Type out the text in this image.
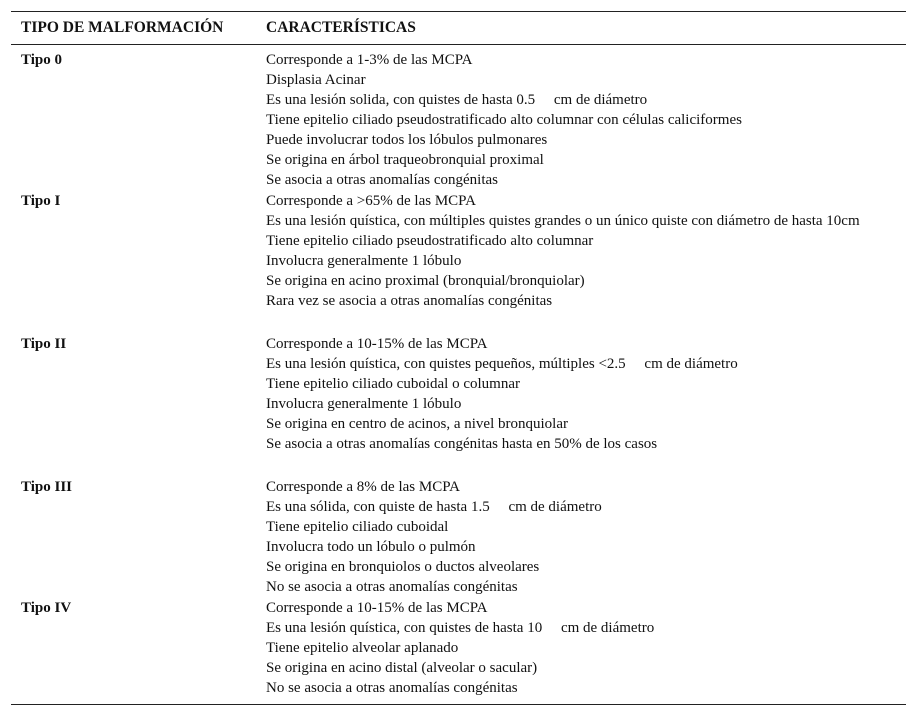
TIPO DE MALFORMACIÓN	CARACTERÍSTICAS
Tipo 0	Corresponde a 1-3% de las MCPA
Displasia Acinar
Es una lesión solida, con quistes de hasta 0.5     cm de diámetro
Tiene epitelio ciliado pseudostratificado alto columnar con células caliciformes
Puede involucrar todos los lóbulos pulmonares
Se origina en árbol traqueobronquial proximal
Se asocia a otras anomalías congénitas
Tipo I	Corresponde a >65% de las MCPA
Es una lesión quística, con múltiples quistes grandes o un único quiste con diámetro de hasta 10cm
Tiene epitelio ciliado pseudostratificado alto columnar
Involucra generalmente 1 lóbulo
Se origina en acino proximal (bronquial/bronquiolar)
Rara vez se asocia a otras anomalías congénitas
Tipo II	Corresponde a 10-15% de las MCPA
Es una lesión quística, con quistes pequeños, múltiples <2.5     cm de diámetro
Tiene epitelio ciliado cuboidal o columnar
Involucra generalmente 1 lóbulo
Se origina en centro de acinos, a nivel bronquiolar
Se asocia a otras anomalías congénitas hasta en 50% de los casos
Tipo III	Corresponde a 8% de las MCPA
Es una sólida, con quiste de hasta 1.5     cm de diámetro
Tiene epitelio ciliado cuboidal
Involucra todo un lóbulo o pulmón
Se origina en bronquiolos o ductos alveolares
No se asocia a otras anomalías congénitas
Tipo IV	Corresponde a 10-15% de las MCPA
Es una lesión quística, con quistes de hasta 10     cm de diámetro
Tiene epitelio alveolar aplanado
Se origina en acino distal (alveolar o sacular)
No se asocia a otras anomalías congénitas
